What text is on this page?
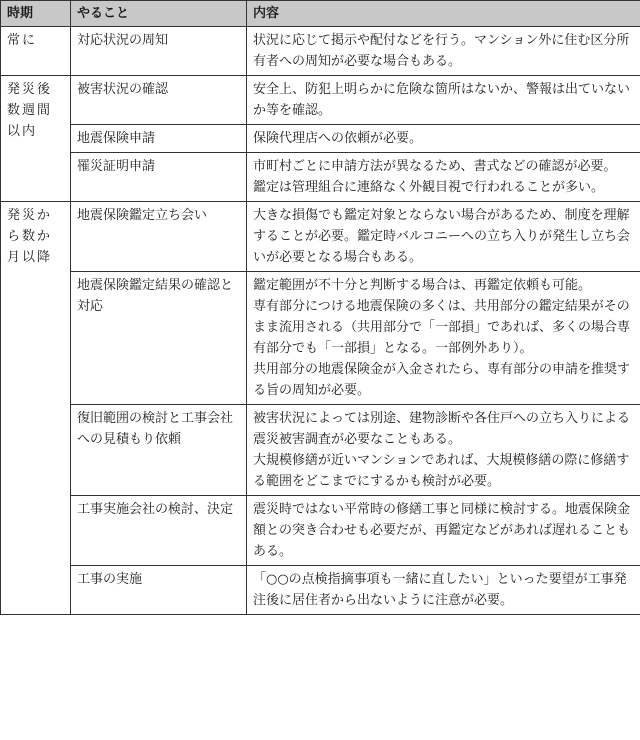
時期	やること	内容
常に	対応状況の周知	状況に応じて掲示や配付などを行う。マンション外に住む区分所有者への周知が必要な場合もある。

発災後数週間以内	被害状況の確認	安全上、防犯上明らかに危険な箇所はないか、警報は出ていないか等を確認。

	地震保険申請	保険代理店への依頼が必要。

	罹災証明申請	市町村ごとに申請方法が異なるため、書式などの確認が必要。
鑑定は管理組合に連絡なく外観目視で行われることが多い。

発災から数か月以降	地震保険鑑定立ち会い	大きな損傷でも鑑定対象とならない場合があるため、制度を理解することが必要。鑑定時バルコニーへの立ち入りが発生し立ち会いが必要となる場合もある。

	地震保険鑑定結果の確認と対応	鑑定範囲が不十分と判断する場合は、再鑑定依頼も可能。
専有部分につける地震保険の多くは、共用部分の鑑定結果がそのまま流用される（共用部分で「一部損」であれば、多くの場合専有部分でも「一部損」となる。一部例外あり）。
共用部分の地震保険金が入金されたら、専有部分の申請を推奨する旨の周知が必要。

	復旧範囲の検討と工事会社への見積もり依頼	被害状況によっては別途、建物診断や各住戸への立ち入りによる震災被害調査が必要なこともある。
大規模修繕が近いマンションであれば、大規模修繕の際に修繕する範囲をどこまでにするかも検討が必要。

	工事実施会社の検討、決定	震災時ではない平常時の修繕工事と同様に検討する。地震保険金額との突き合わせも必要だが、再鑑定などがあれば遅れることもある。

	工事の実施	「○○の点検指摘事項も一緒に直したい」といった要望が工事発注後に居住者から出ないように注意が必要。
